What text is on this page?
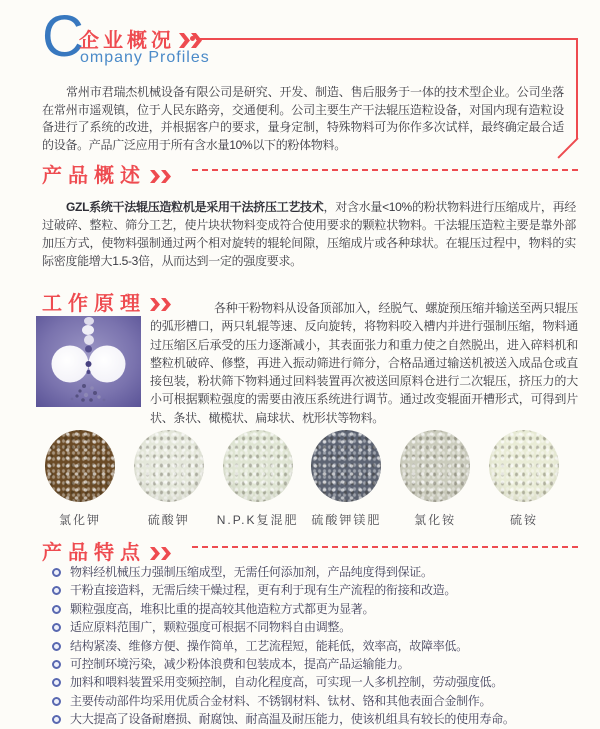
C
企业概况
ompany Profiles

常州市君瑞杰机械设备有限公司是研究、开发、制造、售后服务于一体的技术型企业。公司坐落在常州市遥观镇，位于人民东路旁，交通便利。公司主要生产干法辊压造粒设备，对国内现有造粒设备进行了系统的改进，并根据客户的要求，量身定制，特殊物料可为你作多次试样，最终确定最合适的设备。产品广泛应用于所有含水量10%以下的粉体物料。

产品概述

GZL系统干法辊压造粒机是采用干法挤压工艺技术，对含水量<10%的粉状物料进行压缩成片，再经过破碎、整粒、筛分工艺，使片块状物料变成符合使用要求的颗粒状物料。干法辊压造粒主要是靠外部加压方式，使物料强制通过两个相对旋转的辊轮间隙，压缩成片或各种球状。在辊压过程中，物料的实际密度能增大1.5-3倍，从而达到一定的强度要求。

工作原理	各种干粉物料从设备顶部加入，经脱气、螺旋预压缩并输送至两只辊压的弧形槽口，两只轧辊等速、反向旋转，将物料咬入槽内并进行强制压缩，物料通过压缩区后承受的压力逐渐减小，其表面张力和重力使之自然脱出，进入碎料机和整粒机破碎、修整，再进入振动筛进行筛分，合格品通过输送机被送入成品仓或直接包装，粉状筛下物料通过回料装置再次被送回原料仓进行二次辊压，挤压力的大小可根据颗粒强度的需要由液压系统进行调节。通过改变辊面开槽形式，可得到片状、条状、橄榄状、扁球状、枕形状等物料。

氯化钾	硫酸钾	N.P.K复混肥	硫酸钾镁肥	氯化铵	硫铵
产品特点
物料经机械压力强制压缩成型，无需任何添加剂，产品纯度得到保证。
干粉直接造料，无需后续干燥过程，更有利于现有生产流程的衔接和改造。
颗粒强度高，堆积比重的提高较其他造粒方式都更为显著。
适应原料范围广，颗粒强度可根据不同物料自由调整。
结构紧凑、维修方便、操作简单，工艺流程短，能耗低，效率高，故障率低。
可控制环境污染，减少粉体浪费和包装成本，提高产品运输能力。
加料和喂料装置采用变频控制，自动化程度高，可实现一人多机控制，劳动强度低。
主要传动部件均采用优质合金材料、不锈钢材料、钛材、铬和其他表面合金制作。
大大提高了设备耐磨损、耐腐蚀、耐高温及耐压能力，使该机组具有较长的使用寿命。
